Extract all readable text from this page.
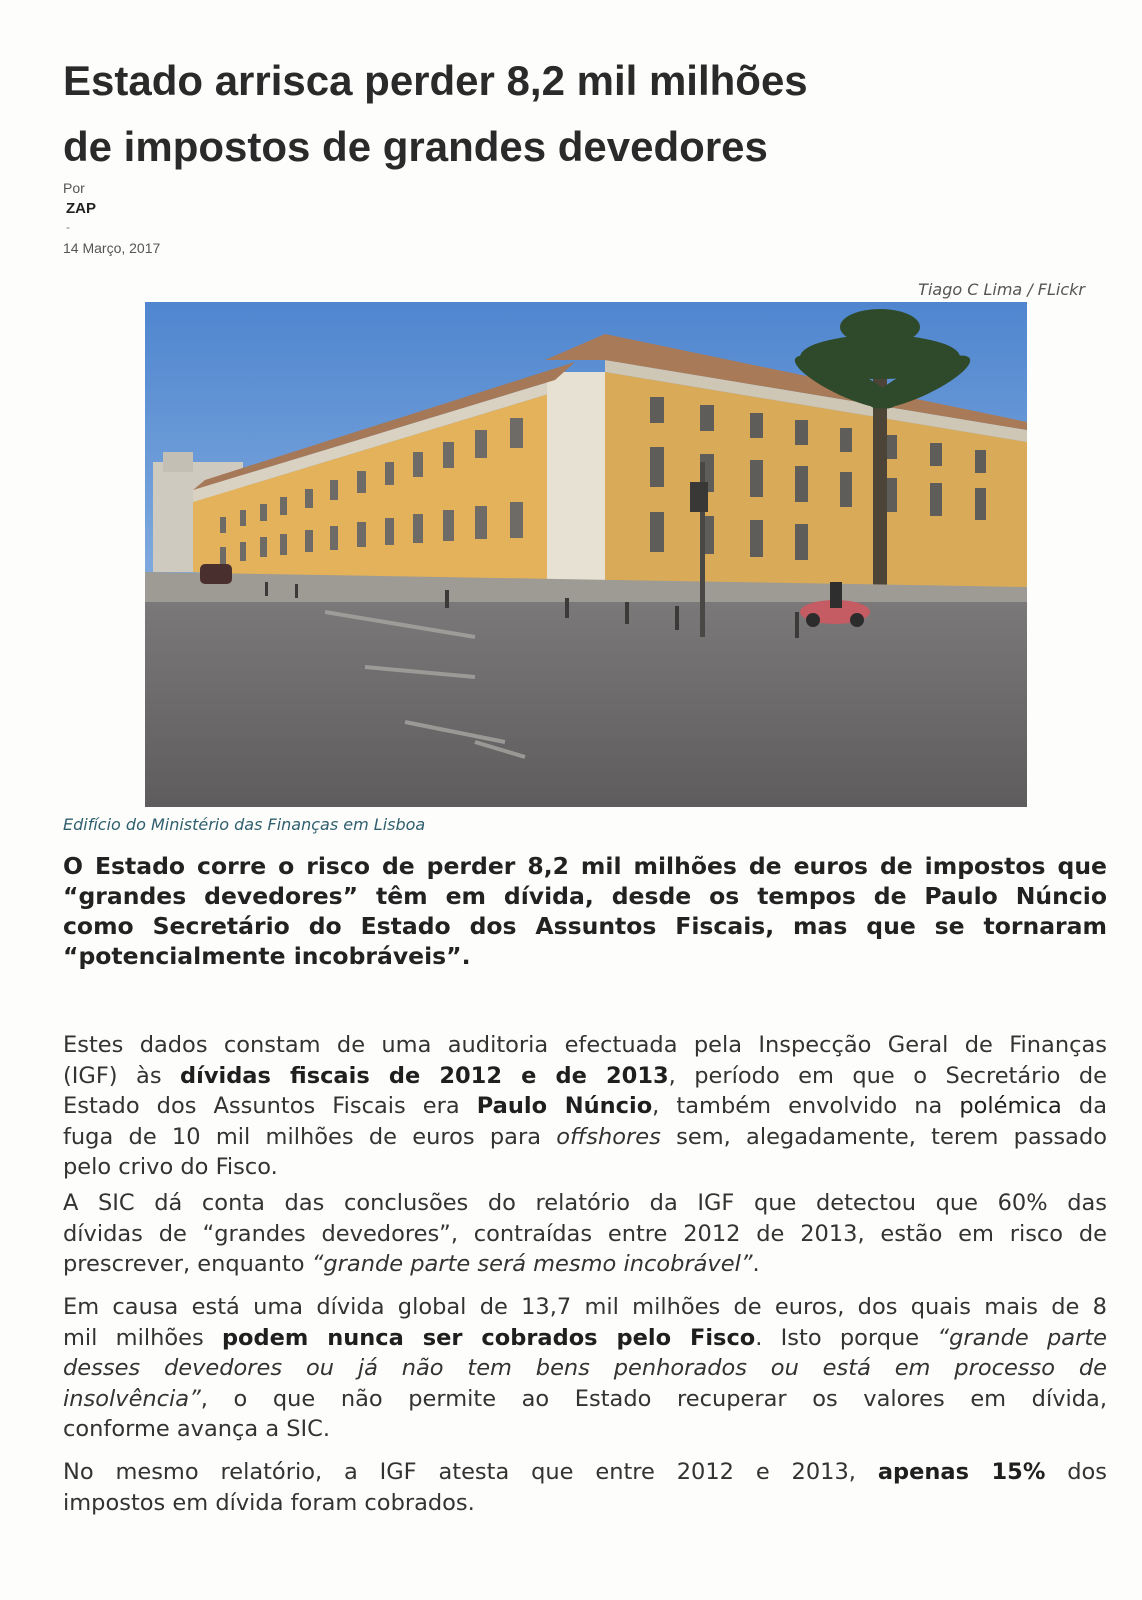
Estado arrisca perder 8,2 mil milhões
de impostos de grandes devedores
Por
ZAP
-
14 Março, 2017
Tiago C Lima / FLickr
Edifício do Ministério das Finanças em Lisboa

O Estado corre o risco de perder 8,2 mil milhões de euros de impostos que
“grandes devedores” têm em dívida, desde os tempos de Paulo Núncio
como Secretário do Estado dos Assuntos Fiscais, mas que se tornaram
“potencialmente incobráveis”.

Estes dados constam de uma auditoria efectuada pela Inspecção Geral de Finanças
(IGF) às dívidas fiscais de 2012 e de 2013, período em que o Secretário de
Estado dos Assuntos Fiscais era Paulo Núncio, também envolvido na polémica da
fuga de 10 mil milhões de euros para offshores sem, alegadamente, terem passado
pelo crivo do Fisco.

A SIC dá conta das conclusões do relatório da IGF que detectou que 60% das
dívidas de “grandes devedores”, contraídas entre 2012 de 2013, estão em risco de
prescrever, enquanto “grande parte será mesmo incobrável”.

Em causa está uma dívida global de 13,7 mil milhões de euros, dos quais mais de 8
mil milhões podem nunca ser cobrados pelo Fisco. Isto porque “grande parte
desses devedores ou já não tem bens penhorados ou está em processo de
insolvência”, o que não permite ao Estado recuperar os valores em dívida,
conforme avança a SIC.

No mesmo relatório, a IGF atesta que entre 2012 e 2013, apenas 15% dos
impostos em dívida foram cobrados.
